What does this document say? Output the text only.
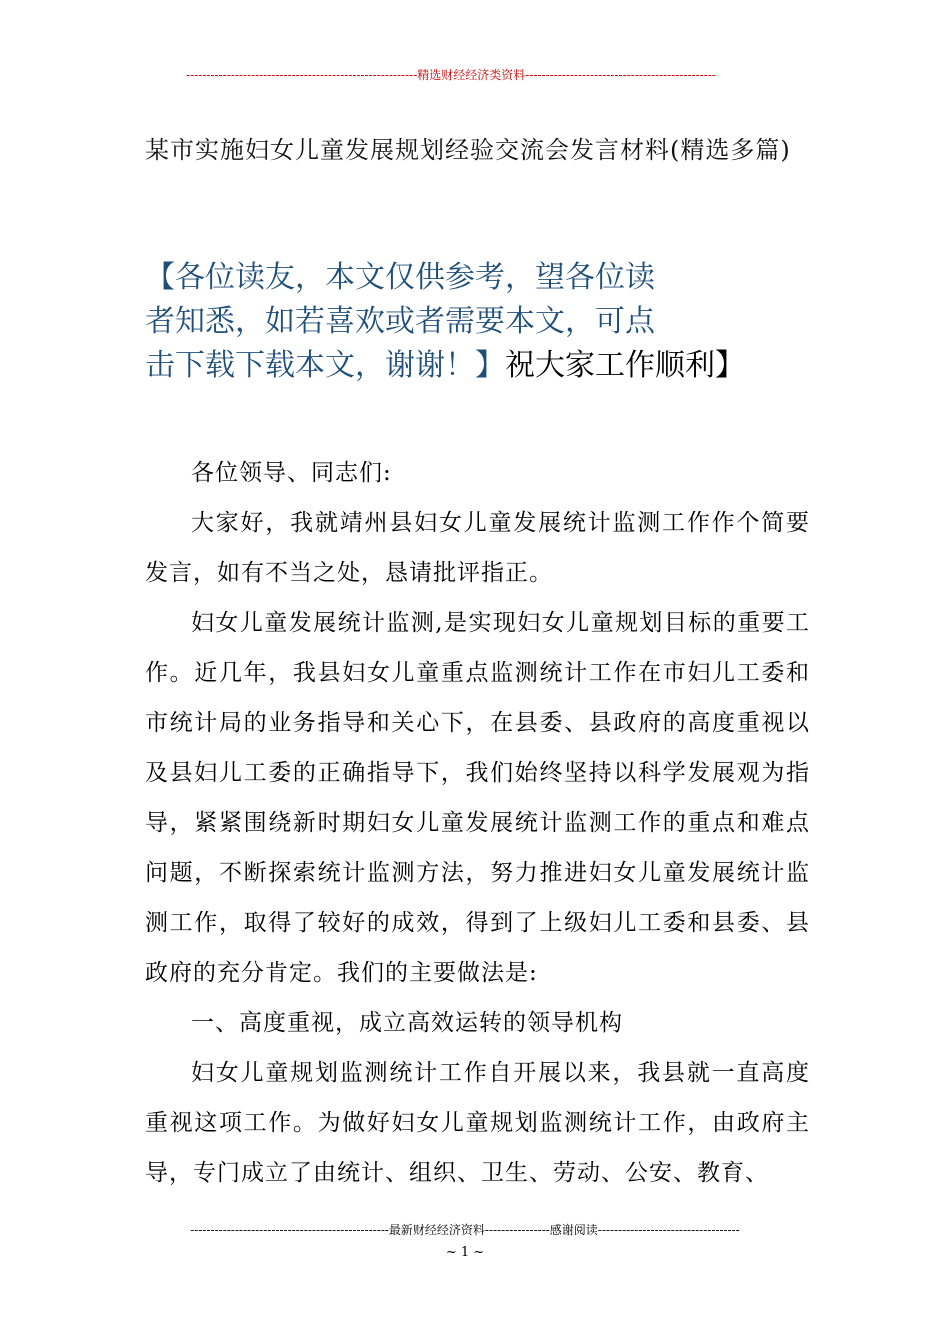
---------------------------------------------------------精选财经经济类资料-----------------------------------------------
某市实施妇女儿童发展规划经验交流会发言材料(精选多篇)
【各位读友，本文仅供参考，望各位读
者知悉，如若喜欢或者需要本文，可点
击下载下载本文，谢谢！】祝大家工作顺利】

各位领导、同志们:

大家好，我就靖州县妇女儿童发展统计监测工作作个简要发言，如有不当之处，恳请批评指正。

妇女儿童发展统计监测,是实现妇女儿童规划目标的重要工作。近几年，我县妇女儿童重点监测统计工作在市妇儿工委和市统计局的业务指导和关心下，在县委、县政府的高度重视以及县妇儿工委的正确指导下，我们始终坚持以科学发展观为指导，紧紧围绕新时期妇女儿童发展统计监测工作的重点和难点问题，不断探索统计监测方法，努力推进妇女儿童发展统计监测工作，取得了较好的成效，得到了上级妇儿工委和县委、县政府的充分肯定。我们的主要做法是:

一、高度重视，成立高效运转的领导机构

妇女儿童规划监测统计工作自开展以来，我县就一直高度重视这项工作。为做好妇女儿童规划监测统计工作，由政府主导，专门成立了由统计、组织、卫生、劳动、公安、教育、

-------------------------------------------------最新财经经济资料----------------感谢阅读-----------------------------------
~ 1 ~
